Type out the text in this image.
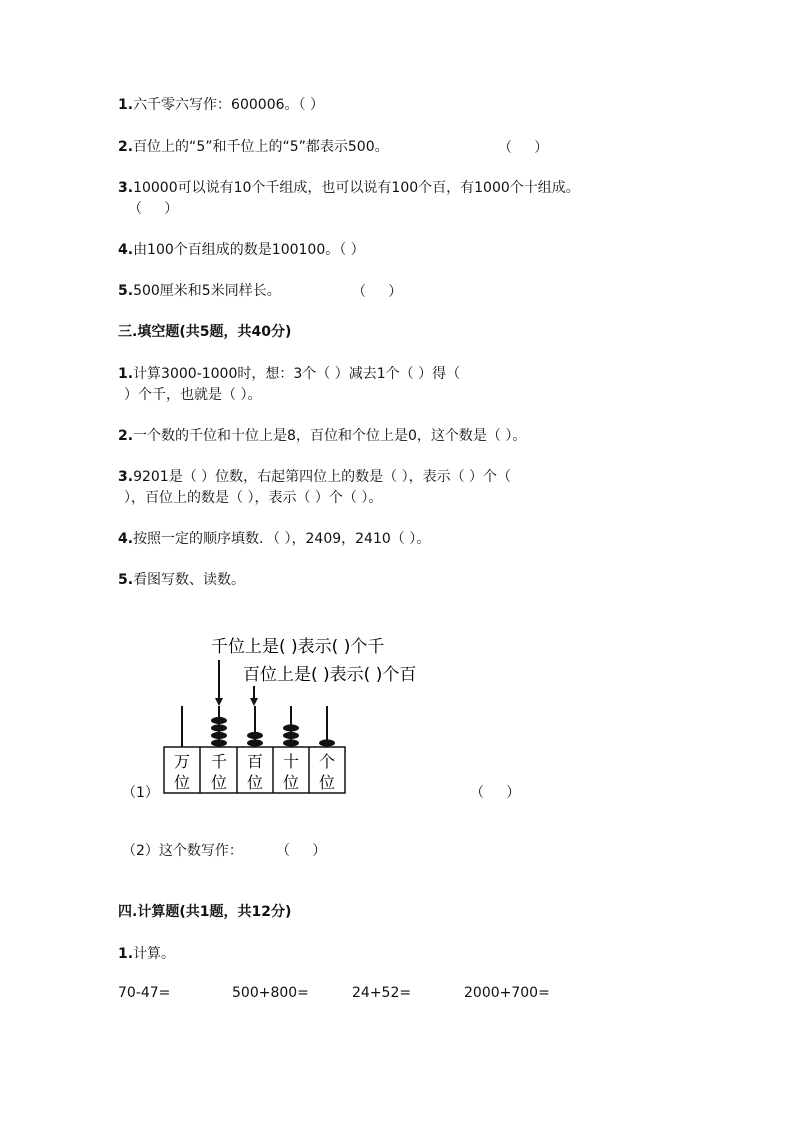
1.六千零六写作：600006。（ ）
2.百位上的“5”和千位上的“5”都表示500。	（     ）
3.10000可以说有10个千组成，也可以说有100个百，有1000个十组成。
（     ）
4.由100个百组成的数是100100。（ ）
5.500厘米和5米同样长。	（     ）
三.填空题(共5题，共40分)
1.计算3000-1000时，想：3个（ ）减去1个（ ）得（
）个千，也就是（ ）。
2.一个数的千位和十位上是8，百位和个位上是0，这个数是（ ）。
3.9201是（ ）位数，右起第四位上的数是（ ），表示（ ）个（
），百位上的数是（ ），表示（ ）个（ ）。
4.按照一定的顺序填数．（ ），2409，2410（ ）。
5.看图写数、读数。
千位上是( )表示( )个千
百位上是( )表示( )个百
万
位
千
位
百
位
十
位
个
位
（1）	（     ）
（2）这个数写作： （     ）
四.计算题(共1题，共12分)
1.计算。
70-47=	500+800=	24+52=	2000+700=
